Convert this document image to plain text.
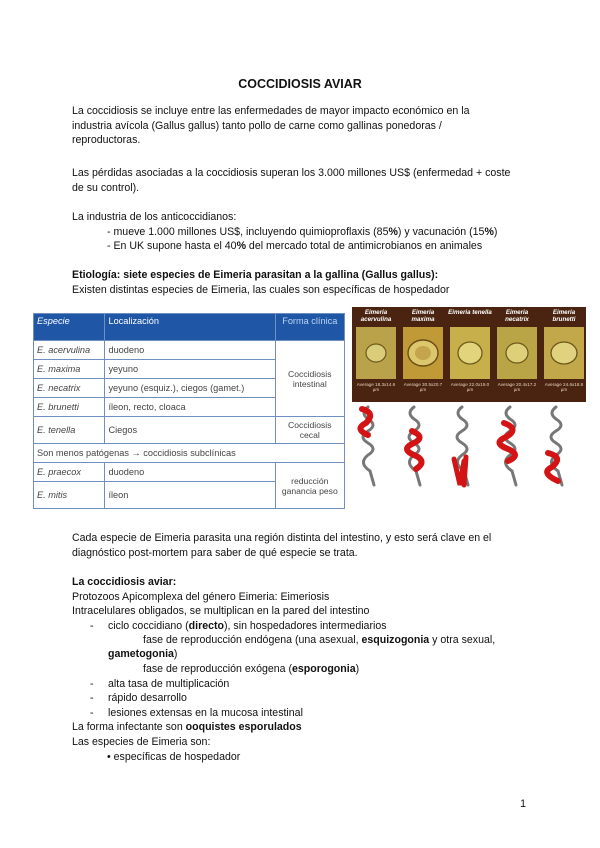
COCCIDIOSIS AVIAR

La coccidiosis se incluye entre las enfermedades de mayor impacto económico en la industria avícola (Gallus gallus) tanto pollo de carne como gallinas ponedoras / reproductoras.

Las pérdidas asociadas a la coccidiosis superan los 3.000 millones US$ (enfermedad + coste de su control).

La industria de los anticoccidianos:

- mueve 1.000 millones US$, incluyendo quimioproflaxis (85%) y vacunación (15%)

- En UK supone hasta el 40% del mercado total de antimicrobianos en animales

Etiología: siete especies de Eimeria parasitan a la gallina (Gallus gallus):

Existen distintas especies de Eimeria, las cuales son específicas de hospedador

Especie	Localización	Forma clínica
E. acervulina	duodeno	Coccidiosis intestinal
E. maxima	yeyuno	
E. necatrix	yeyuno (esquiz.), ciegos (gamet.)	
E. brunetti	íleon, recto, cloaca	
E. tenella	Ciegos	Coccidiosis cecal
Son menos patógenas → coccidiosis subclínicas		
E. praecox	duodeno	reducción ganancia peso
E. mitis	íleon	
Eimeria acervulina
Eimeria maxima
Eimeria tenella	Eimeria necatrix
Eimeria brunetti
Average 18.3x14.6 µm
Average 30.5x20.7 µm
Average 22.0x19.0 µm
Average 20.4x17.2 µm
Average 24.6x18.8 µm

Cada especie de Eimeria parasita una región distinta del intestino, y esto será clave en el diagnóstico post-mortem para saber de qué especie se trata.

La coccidiosis aviar:

Protozoos Apicomplexa del género Eimeria: Eimeriosis

Intracelulares obligados, se multiplican en la pared del intestino

- ciclo coccidiano (directo), sin hospedadores intermediarios

fase de reproducción endógena (una asexual, esquizogonia y otra sexual,

gametogonia)

fase de reproducción exógena (esporogonia)

- alta tasa de multiplicación

- rápido desarrollo

- lesiones extensas en la mucosa intestinal

La forma infectante son ooquistes esporulados

Las especies de Eimeria son:

• específicas de hospedador

1
